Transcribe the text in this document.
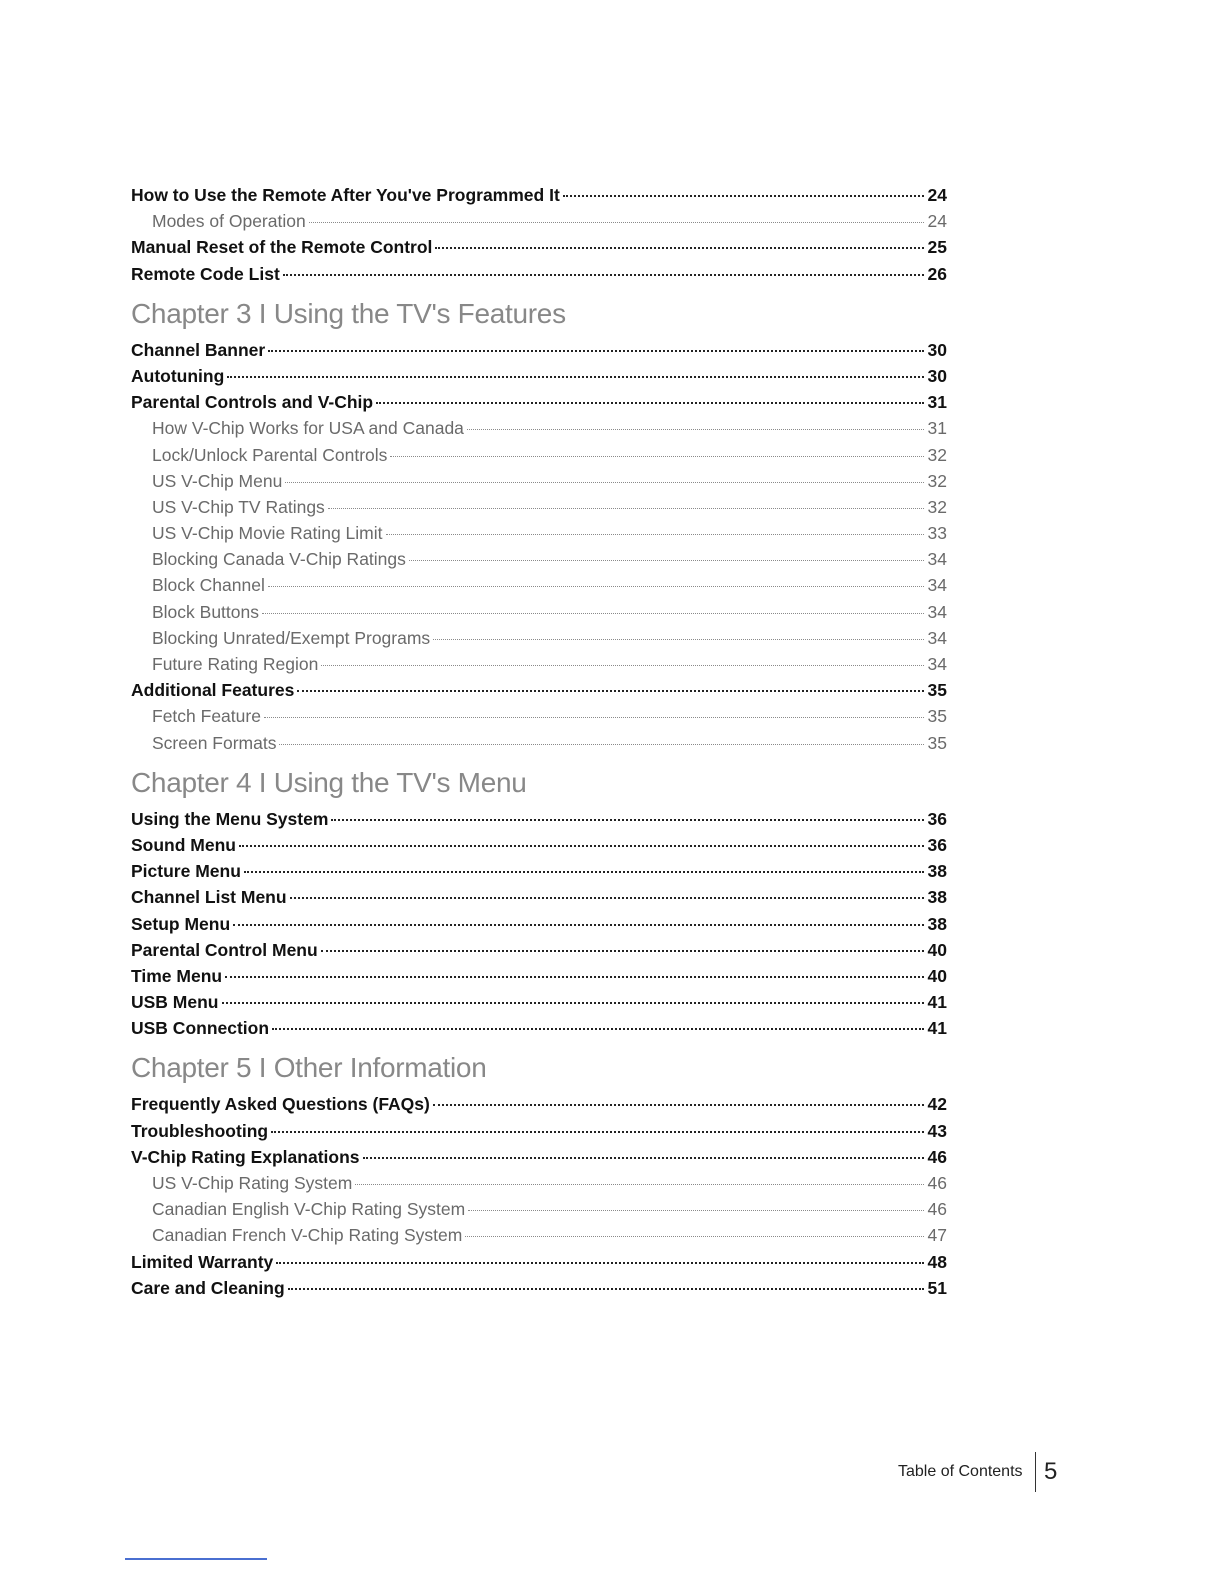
How to Use the Remote After You've Programmed It	24
Modes of Operation	24
Manual Reset of the Remote Control	25
Remote Code List	26
Chapter 3 I Using the TV's Features
Channel Banner	30
Autotuning	30
Parental Controls and V-Chip	31
How V-Chip Works for USA and Canada	31
Lock/Unlock Parental Controls	32
US V-Chip Menu	32
US V-Chip TV Ratings	32
US V-Chip Movie Rating Limit	33
Blocking Canada V-Chip Ratings	34
Block Channel	34
Block Buttons	34
Blocking Unrated/Exempt Programs	34
Future Rating Region	34
Additional Features	35
Fetch Feature	35
Screen Formats	35
Chapter 4 I Using the TV's Menu
Using the Menu System	36
Sound Menu	36
Picture Menu	38
Channel List Menu	38
Setup Menu	38
Parental Control Menu	40
Time Menu	40
USB Menu	41
USB Connection	41
Chapter 5 I Other Information
Frequently Asked Questions (FAQs)	42
Troubleshooting	43
V-Chip Rating Explanations	46
US V-Chip Rating System	46
Canadian English V-Chip Rating System	46
Canadian French V-Chip Rating System	47
Limited Warranty	48
Care and Cleaning	51
Table of Contents 5
